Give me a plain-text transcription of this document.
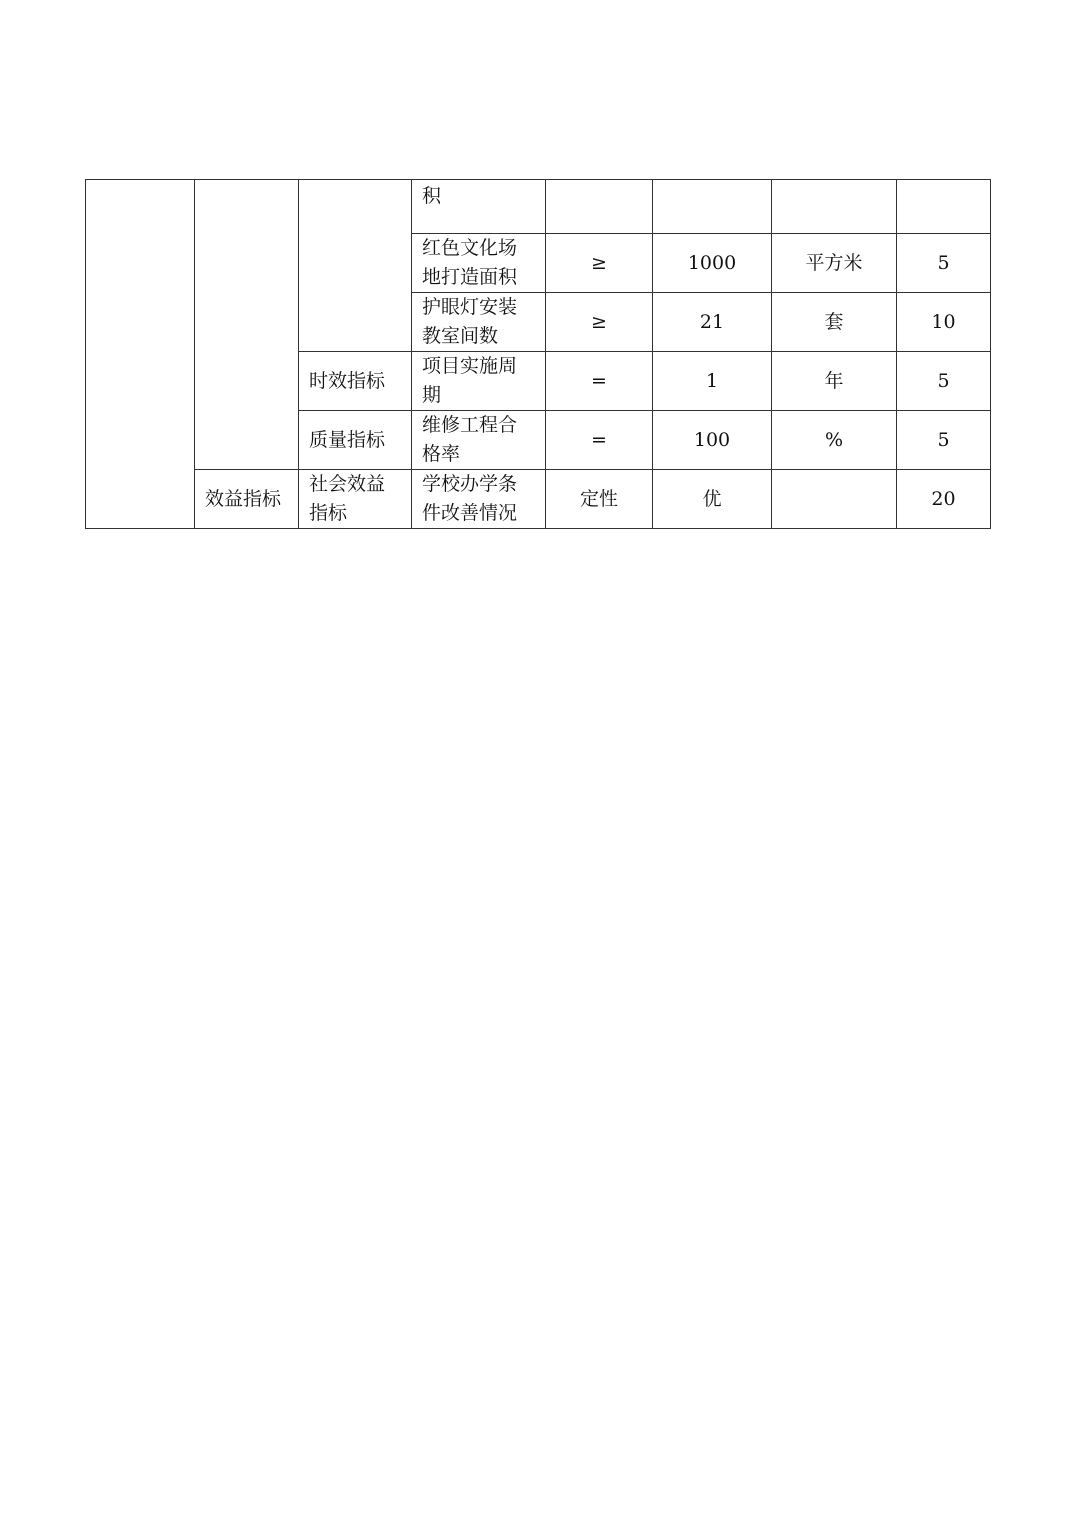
			积				
			红色文化场地打造面积	≥	1000	平方米	5
			护眼灯安装教室间数	≥	21	套	10
		时效指标	项目实施周期	=	1	年	5
		质量指标	维修工程合格率	=	100	%	5
	效益指标	社会效益指标	学校办学条件改善情况	定性	优		20
